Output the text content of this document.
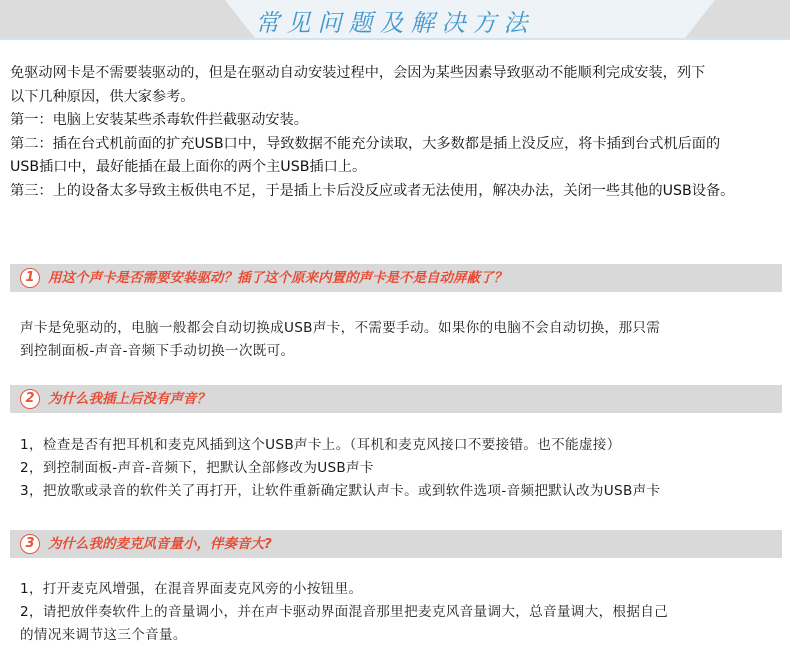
常见问题及解决方法

免驱动网卡是不需要装驱动的，但是在驱动自动安装过程中，会因为某些因素导致驱动不能顺利完成安装，列下

以下几种原因，供大家参考。

第一：电脑上安装某些杀毒软件拦截驱动安装。

第二：插在台式机前面的扩充USB口中，导致数据不能充分读取，大多数都是插上没反应，将卡插到台式机后面的

USB插口中，最好能插在最上面你的两个主USB插口上。

第三：上的设备太多导致主板供电不足，于是插上卡后没反应或者无法使用，解决办法，关闭一些其他的USB设备。

1 用这个声卡是否需要安装驱动？插了这个原来内置的声卡是不是自动屏蔽了？

声卡是免驱动的，电脑一般都会自动切换成USB声卡，不需要手动。如果你的电脑不会自动切换，那只需

到控制面板-声音-音频下手动切换一次既可。

2 为什么我插上后没有声音？

1，检查是否有把耳机和麦克风插到这个USB声卡上。（耳机和麦克风接口不要接错。也不能虚接）

2，到控制面板-声音-音频下，把默认全部修改为USB声卡

3，把放歌或录音的软件关了再打开，让软件重新确定默认声卡。或到软件选项-音频把默认改为USB声卡

3 为什么我的麦克风音量小，伴奏音大?

1，打开麦克风增强，在混音界面麦克风旁的小按钮里。

2，请把放伴奏软件上的音量调小，并在声卡驱动界面混音那里把麦克风音量调大，总音量调大，根据自己

的情况来调节这三个音量。
